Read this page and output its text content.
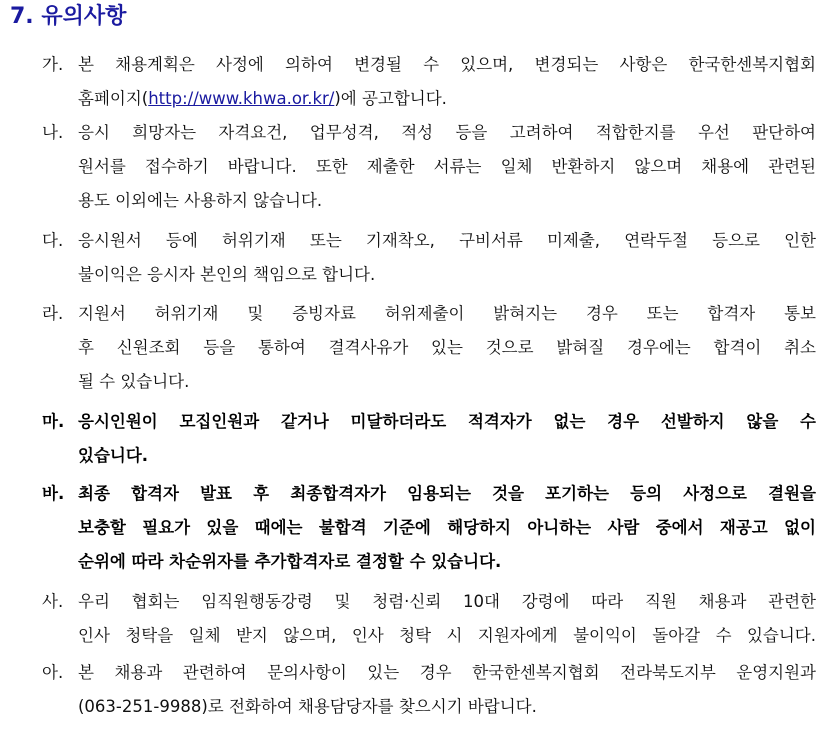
7. 유의사항
가. 본 채용계획은 사정에 의하여 변경될 수 있으며, 변경되는 사항은 한국한센복지협회
홈페이지(http://www.khwa.or.kr/)에 공고합니다.
나. 응시 희망자는 자격요건, 업무성격, 적성 등을 고려하여 적합한지를 우선 판단하여
원서를 접수하기 바랍니다. 또한 제출한 서류는 일체 반환하지 않으며 채용에 관련된
용도 이외에는 사용하지 않습니다.
다. 응시원서 등에 허위기재 또는 기재착오, 구비서류 미제출, 연락두절 등으로 인한
불이익은 응시자 본인의 책임으로 합니다.
라. 지원서 허위기재 및 증빙자료 허위제출이 밝혀지는 경우 또는 합격자 통보
후 신원조회 등을 통하여 결격사유가 있는 것으로 밝혀질 경우에는 합격이 취소
될 수 있습니다.
마. 응시인원이 모집인원과 같거나 미달하더라도 적격자가 없는 경우 선발하지 않을 수
있습니다.
바. 최종 합격자 발표 후 최종합격자가 임용되는 것을 포기하는 등의 사정으로 결원을
보충할 필요가 있을 때에는 불합격 기준에 해당하지 아니하는 사람 중에서 재공고 없이
순위에 따라 차순위자를 추가합격자로 결정할 수 있습니다.
사. 우리 협회는 임직원행동강령 및 청렴·신뢰 10대 강령에 따라 직원 채용과 관련한
인사 청탁을 일체 받지 않으며, 인사 청탁 시 지원자에게 불이익이 돌아갈 수 있습니다.
아. 본 채용과 관련하여 문의사항이 있는 경우 한국한센복지협회 전라북도지부 운영지원과
(063-251-9988)로 전화하여 채용담당자를 찾으시기 바랍니다.
